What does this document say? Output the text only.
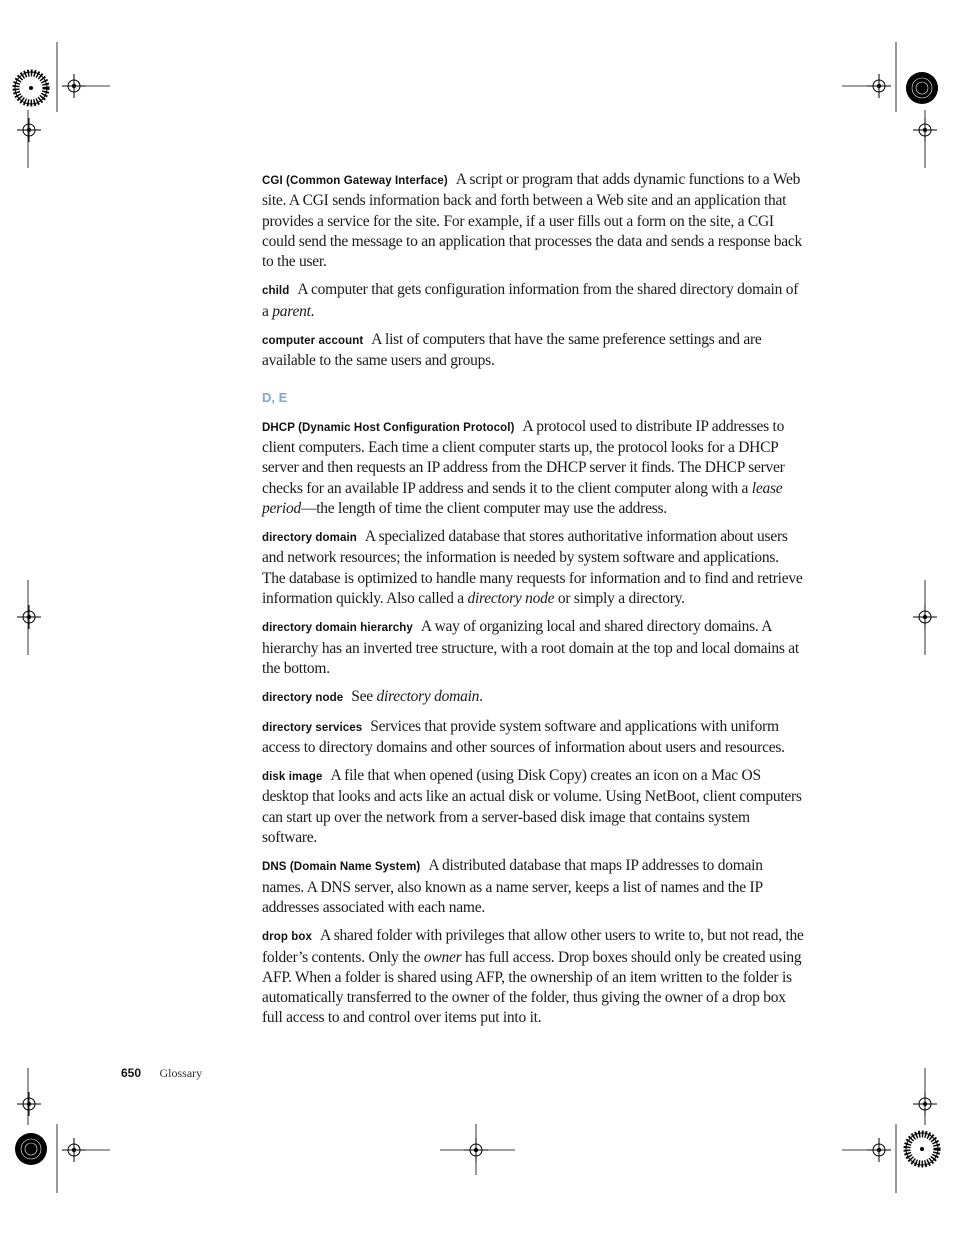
CGI (Common Gateway Interface) A script or program that adds dynamic functions to a Web site. A CGI sends information back and forth between a Web site and an application that provides a service for the site. For example, if a user fills out a form on the site, a CGI could send the message to an application that processes the data and sends a response back to the user.

child A computer that gets configuration information from the shared directory domain of a parent.

computer account A list of computers that have the same preference settings and are available to the same users and groups.

D, E

DHCP (Dynamic Host Configuration Protocol) A protocol used to distribute IP addresses to client computers. Each time a client computer starts up, the protocol looks for a DHCP server and then requests an IP address from the DHCP server it finds. The DHCP server checks for an available IP address and sends it to the client computer along with a lease period—the length of time the client computer may use the address.

directory domain A specialized database that stores authoritative information about users and network resources; the information is needed by system software and applications. The database is optimized to handle many requests for information and to find and retrieve information quickly. Also called a directory node or simply a directory.

directory domain hierarchy A way of organizing local and shared directory domains. A hierarchy has an inverted tree structure, with a root domain at the top and local domains at the bottom.

directory node See directory domain.

directory services Services that provide system software and applications with uniform access to directory domains and other sources of information about users and resources.

disk image A file that when opened (using Disk Copy) creates an icon on a Mac OS desktop that looks and acts like an actual disk or volume. Using NetBoot, client computers can start up over the network from a server-based disk image that contains system software.

DNS (Domain Name System) A distributed database that maps IP addresses to domain names. A DNS server, also known as a name server, keeps a list of names and the IP addresses associated with each name.

drop box A shared folder with privileges that allow other users to write to, but not read, the folder’s contents. Only the owner has full access. Drop boxes should only be created using AFP. When a folder is shared using AFP, the ownership of an item written to the folder is automatically transferred to the owner of the folder, thus giving the owner of a drop box full access to and control over items put into it.

650 Glossary
